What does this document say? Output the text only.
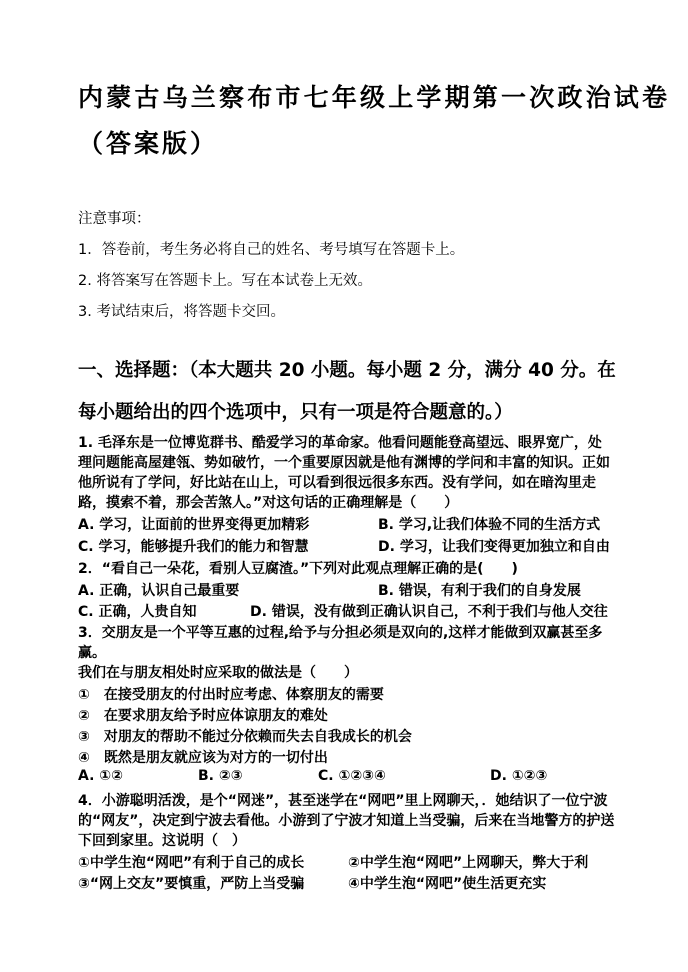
内蒙古乌兰察布市七年级上学期第一次政治试卷
（答案版）
注意事项：
1．答卷前，考生务必将自己的姓名、考号填写在答题卡上。
2. 将答案写在答题卡上。写在本试卷上无效。
3. 考试结束后，将答题卡交回。
一、选择题：（本大题共 20 小题。每小题 2 分，满分 40 分。在
每小题给出的四个选项中，只有一项是符合题意的。）
1. 毛泽东是一位博览群书、酷爱学习的革命家。他看问题能登高望远、眼界宽广，处
理问题能高屋建瓴、势如破竹，一个重要原因就是他有渊博的学问和丰富的知识。正如
他所说有了学问，好比站在山上，可以看到很远很多东西。没有学问，如在暗沟里走
路，摸索不着，那会苦煞人。”对这句话的正确理解是（　　）
A. 学习，让面前的世界变得更加精彩	B. 学习,让我们体验不同的生活方式
C. 学习，能够提升我们的能力和智慧	D. 学习，让我们变得更加独立和自由
2．“看自己一朵花，看别人豆腐渣。”下列对此观点理解正确的是(　　)
A. 正确，认识自己最重要	B. 错误，有利于我们的自身发展
C. 正确，人贵自知	D. 错误，没有做到正确认识自己，不利于我们与他人交往
3．交朋友是一个平等互惠的过程,给予与分担必须是双向的,这样才能做到双赢甚至多
赢。
我们在与朋友相处时应采取的做法是（　　）
①　在接受朋友的付出时应考虑、体察朋友的需要
②　在要求朋友给予时应体谅朋友的难处
③　对朋友的帮助不能过分依赖而失去自我成长的机会
④　既然是朋友就应该为对方的一切付出
A. ①②	B. ②③	C. ①②③④	D. ①②③
4．小游聪明活泼，是个“网迷”，甚至迷学在“网吧”里上网聊天，．她结识了一位宁波
的“网友”，决定到宁波去看他。小游到了宁波才知道上当受骗，后来在当地警方的护送
下回到家里。这说明（　）
①中学生泡“网吧”有利于自己的成长	②中学生泡“网吧”上网聊天，弊大于利
③“网上交友”要慎重，严防上当受骗	④中学生泡“网吧”使生活更充实
